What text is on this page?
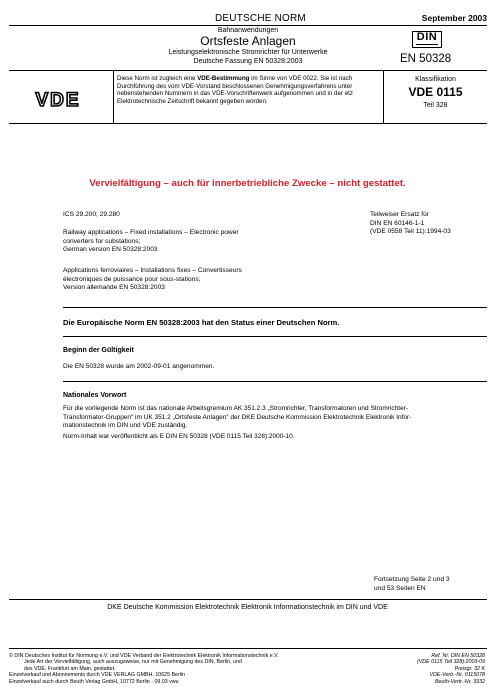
DEUTSCHE NORM	September 2003
Bahnanwendungen
Ortsfeste Anlagen
Leistungselektronische Stromrichter für Unterwerke
Deutsche Fassung EN 50328:2003
DIN
EN 50328
VDE
Diese Norm ist zugleich eine VDE-Bestimmung im Sinne von VDE 0022. Sie ist nach Durchführung des vom VDE-Vorstand beschlossenen Genehmigungsverfahrens unter nebenstehenden Nummern in das VDE-Vorschriftenwerk aufgenommen und in der etz Elektrotechnische Zeitschrift bekannt gegeben worden.
Klassifikation
VDE 0115
Teil 328
Vervielfältigung – auch für innerbetriebliche Zwecke – nicht gestattet.
ICS 29.200; 29.280
Railway applications – Fixed installations – Electronic power
converters for substations;
German version EN 50328:2003
Applications ferroviaires – Installations fixes – Convertisseurs
électroniques de puissance pour sous-stations;
Version allemande EN 50328:2003
Teilweiser Ersatz für
DIN EN 60146-1-1
(VDE 0558 Teil 11):1994-03
Die Europäische Norm EN 50328:2003 hat den Status einer Deutschen Norm.
Beginn der Gültigkeit
Die EN 50328 wurde am 2002-09-01 angenommen.
Nationales Vorwort
Für die vorliegende Norm ist das nationale Arbeitsgremium AK 351.2.3 „Stromrichter, Transformatoren und Stromrichter-
Transformator-Gruppen“ im UK 351.2 „Ortsfeste Anlagen“ der DKE Deutsche Kommission Elektrotechnik Elektronik Infor-
mationstechnik im DIN und VDE zuständig.
Norm-Inhalt war veröffentlicht als E DIN EN 50328 (VDE 0115 Teil 328):2000-10.
Fortsetzung Seite 2 und 3
und 53 Seiten EN
DKE Deutsche Kommission Elektrotechnik Elektronik Informationstechnik im DIN und VDE
© DIN Deutsches Institut für Normung e.V. und VDE Verband der Elektrotechnik Elektronik Informationstechnik e.V.
Jede Art der Vervielfältigung, auch auszugsweise, nur mit Genehmigung des DIN, Berlin, und
des VDE, Frankfurt am Main, gestattet.
Einzelverkauf und Abonnements durch VDE VERLAG GMBH, 10625 Berlin
Einzelverkauf auch durch Beuth Verlag GmbH, 10772 Berlin · 09.03 vwu
Ref. Nr. DIN EN 50328
(VDE 0115 Teil 328):2003-09
Preisgr. 32 K
VDE-Vertr.-Nr. 0115078
Beuth-Vertr.-Nr. 3332
